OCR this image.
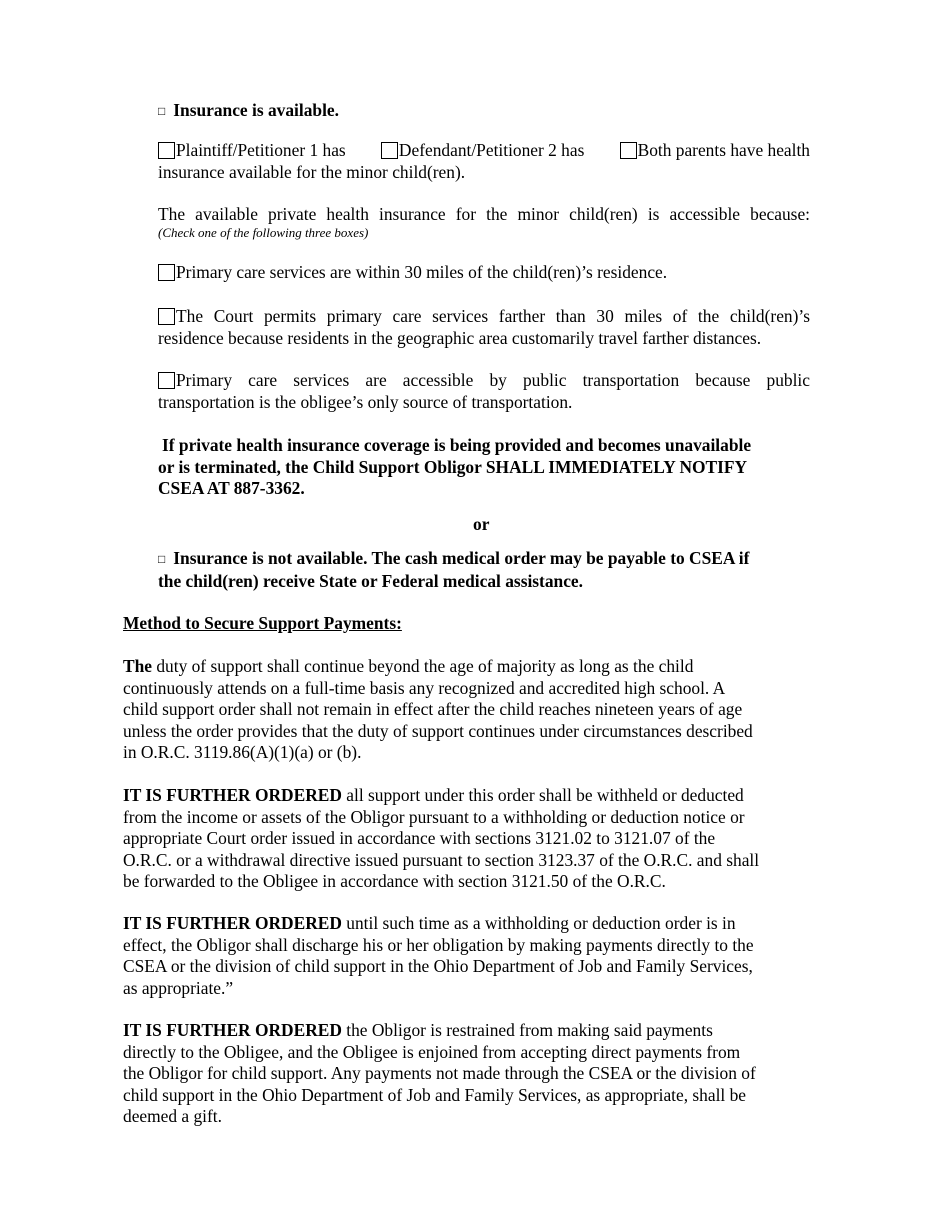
□ Insurance is available.
Plaintiff/Petitioner 1 has	Defendant/Petitioner 2 has	Both parents have health
insurance available for the minor child(ren).
The available private health insurance for the minor child(ren) is accessible because:
(Check one of the following three boxes)
Primary care services are within 30 miles of the child(ren)’s residence.
The Court permits primary care services farther than 30 miles of the child(ren)’s
residence because residents in the geographic area customarily travel farther distances.
Primary care services are accessible by public transportation because public
transportation is the obligee’s only source of transportation.
If private health insurance coverage is being provided and becomes unavailable
or is terminated, the Child Support Obligor SHALL IMMEDIATELY NOTIFY
CSEA AT 887-3362.
or
□ Insurance is not available. The cash medical order may be payable to CSEA if
the child(ren) receive State or Federal medical assistance.
Method to Secure Support Payments:
The duty of support shall continue beyond the age of majority as long as the child
continuously attends on a full-time basis any recognized and accredited high school. A
child support order shall not remain in effect after the child reaches nineteen years of age
unless the order provides that the duty of support continues under circumstances described
in O.R.C. 3119.86(A)(1)(a) or (b).
IT IS FURTHER ORDERED all support under this order shall be withheld or deducted
from the income or assets of the Obligor pursuant to a withholding or deduction notice or
appropriate Court order issued in accordance with sections 3121.02 to 3121.07 of the
O.R.C. or a withdrawal directive issued pursuant to section 3123.37 of the O.R.C. and shall
be forwarded to the Obligee in accordance with section 3121.50 of the O.R.C.
IT IS FURTHER ORDERED until such time as a withholding or deduction order is in
effect, the Obligor shall discharge his or her obligation by making payments directly to the
CSEA or the division of child support in the Ohio Department of Job and Family Services,
as appropriate.”
IT IS FURTHER ORDERED the Obligor is restrained from making said payments
directly to the Obligee, and the Obligee is enjoined from accepting direct payments from
the Obligor for child support. Any payments not made through the CSEA or the division of
child support in the Ohio Department of Job and Family Services, as appropriate, shall be
deemed a gift.
